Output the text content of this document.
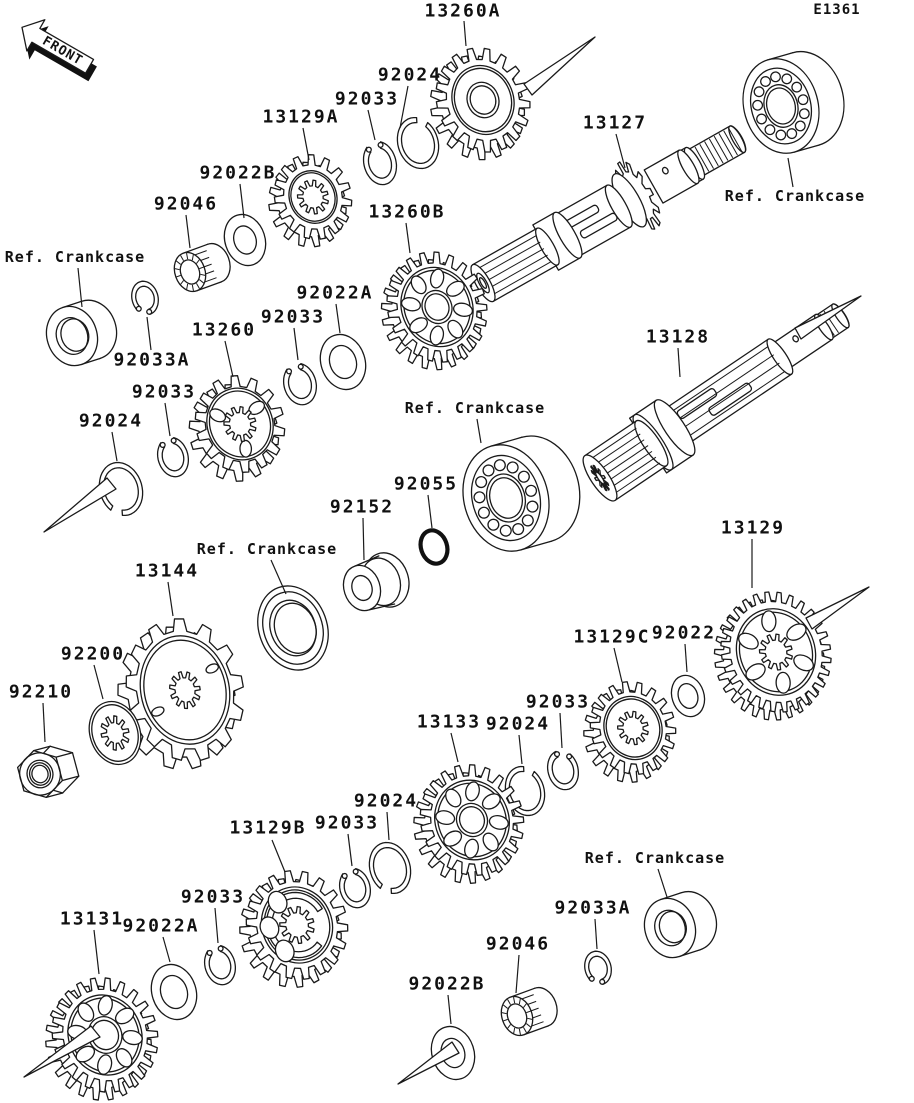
13260A
92024
92033
13129A	13127
Ref. Crankcase
92022B
92046
Ref. Crankcase
13260B
92033A
13260
92033
92022A
92024
92033
13128
Ref. Crankcase
92055
92152
Ref. Crankcase
13144
13129
92200
92210
13129C 92022
92033
13133 92024
92024
92033
13129B
13131
92022A
92033
Ref. Crankcase
92033A
92046
92022B
E1361
FRONT
